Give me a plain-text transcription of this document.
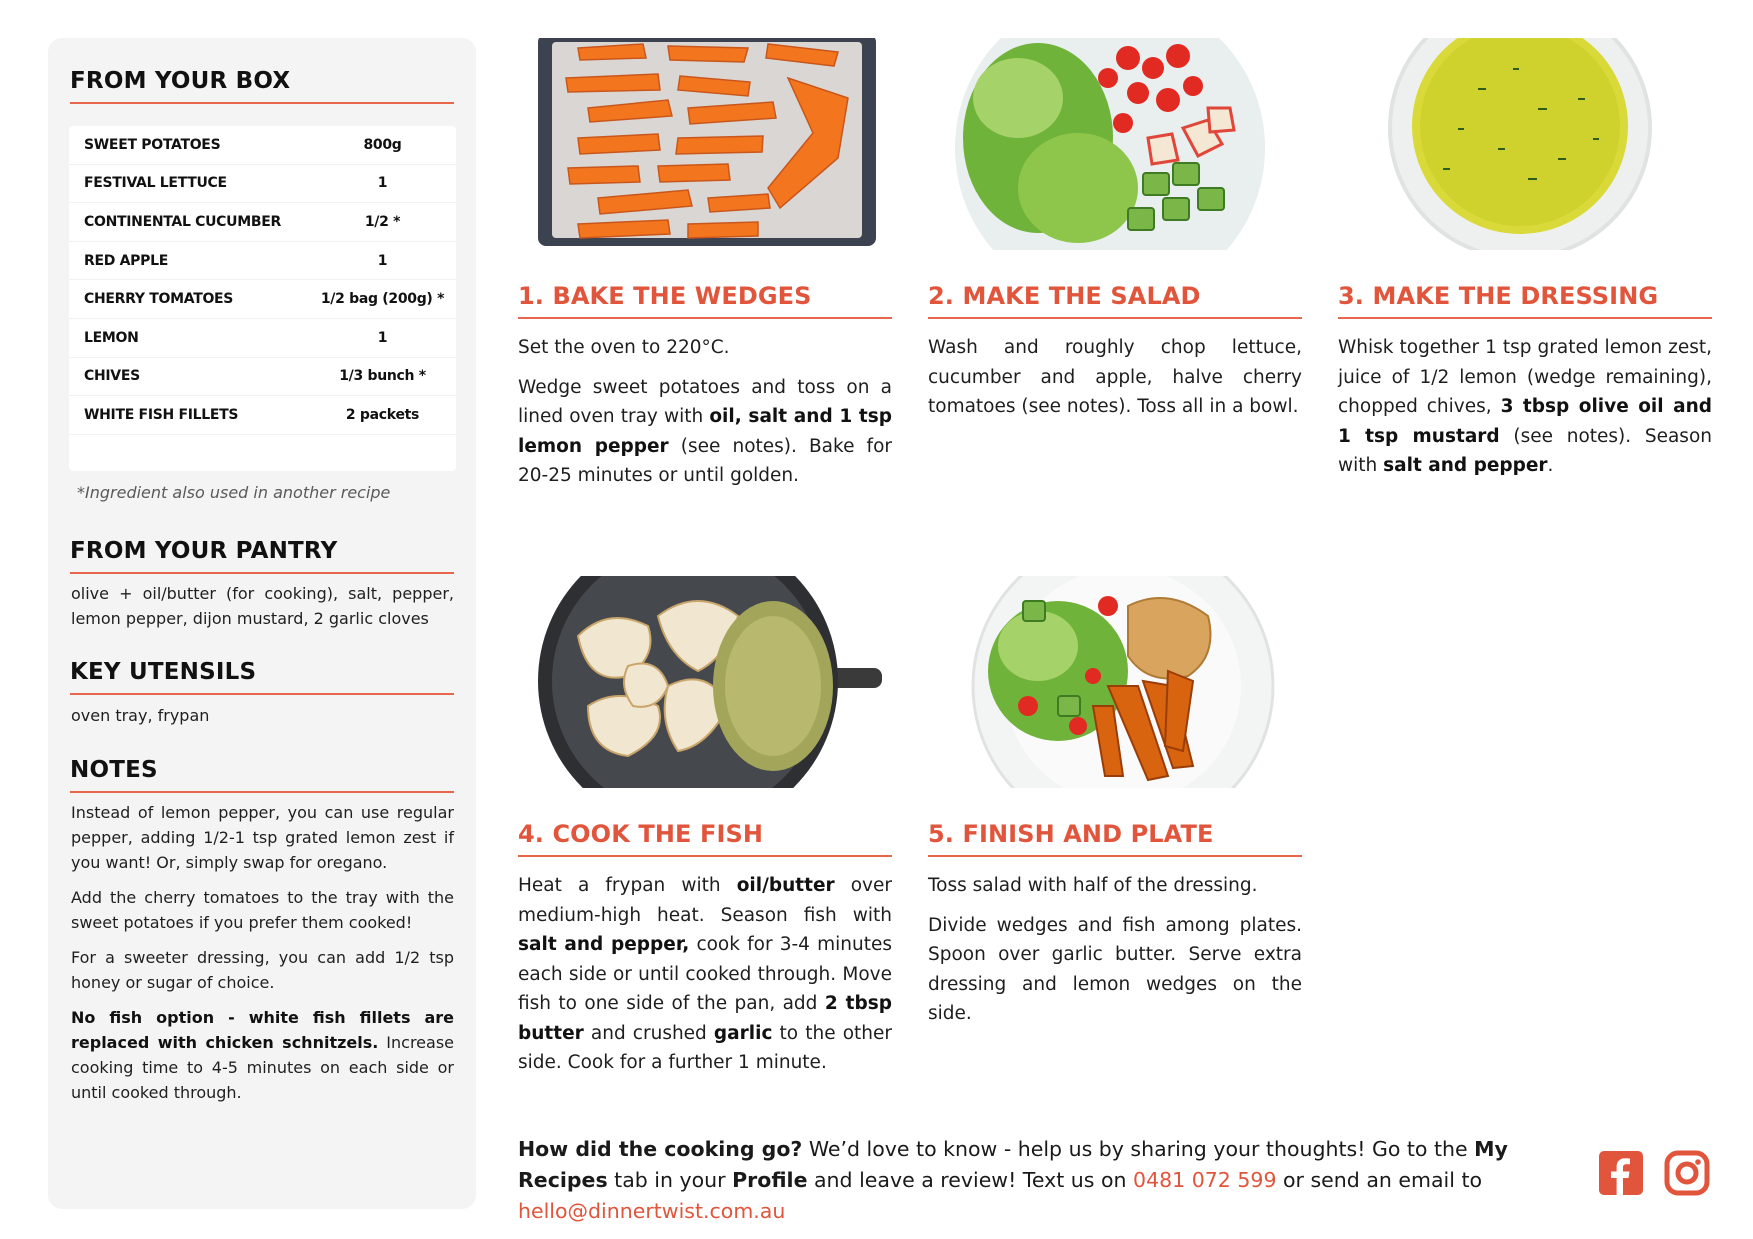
FROM YOUR BOX
SWEET POTATOES	800g
FESTIVAL LETTUCE	1
CONTINENTAL CUCUMBER	1/2 *
RED APPLE	1
CHERRY TOMATOES	1/2 bag (200g) *
LEMON	1
CHIVES	1/3 bunch *
WHITE FISH FILLETS	2 packets
*Ingredient also used in another recipe
FROM YOUR PANTRY
olive + oil/butter (for cooking), salt, pepper, lemon pepper, dijon mustard, 2 garlic cloves
KEY UTENSILS
oven tray, frypan
NOTES

Instead of lemon pepper, you can use regular pepper, adding 1/2-1 tsp grated lemon zest if you want! Or, simply swap for oregano.

Add the cherry tomatoes to the tray with the sweet potatoes if you prefer them cooked!

For a sweeter dressing, you can add 1/2 tsp honey or sugar of choice.

No fish option - white fish fillets are replaced with chicken schnitzels. Increase cooking time to 4-5 minutes on each side or until cooked through.

1. BAKE THE WEDGES

Set the oven to 220°C.

Wedge sweet potatoes and toss on a lined oven tray with oil, salt and 1 tsp lemon pepper (see notes). Bake for 20-25 minutes or until golden.

2. MAKE THE SALAD

Wash and roughly chop lettuce, cucumber and apple, halve cherry tomatoes (see notes). Toss all in a bowl.

3. MAKE THE DRESSING

Whisk together 1 tsp grated lemon zest, juice of 1/2 lemon (wedge remaining), chopped chives, 3 tbsp olive oil and 1 tsp mustard (see notes). Season with salt and pepper.

4. COOK THE FISH

Heat a frypan with oil/butter over medium-high heat. Season fish with salt and pepper, cook for 3-4 minutes each side or until cooked through. Move fish to one side of the pan, add 2 tbsp butter and crushed garlic to the other side. Cook for a further 1 minute.

5. FINISH AND PLATE

Toss salad with half of the dressing.

Divide wedges and fish among plates. Spoon over garlic butter. Serve extra dressing and lemon wedges on the side.

How did the cooking go? We’d love to know - help us by sharing your thoughts! Go to the My Recipes tab in your Profile and leave a review! Text us on 0481 072 599 or send an email to hello@dinnertwist.com.au
